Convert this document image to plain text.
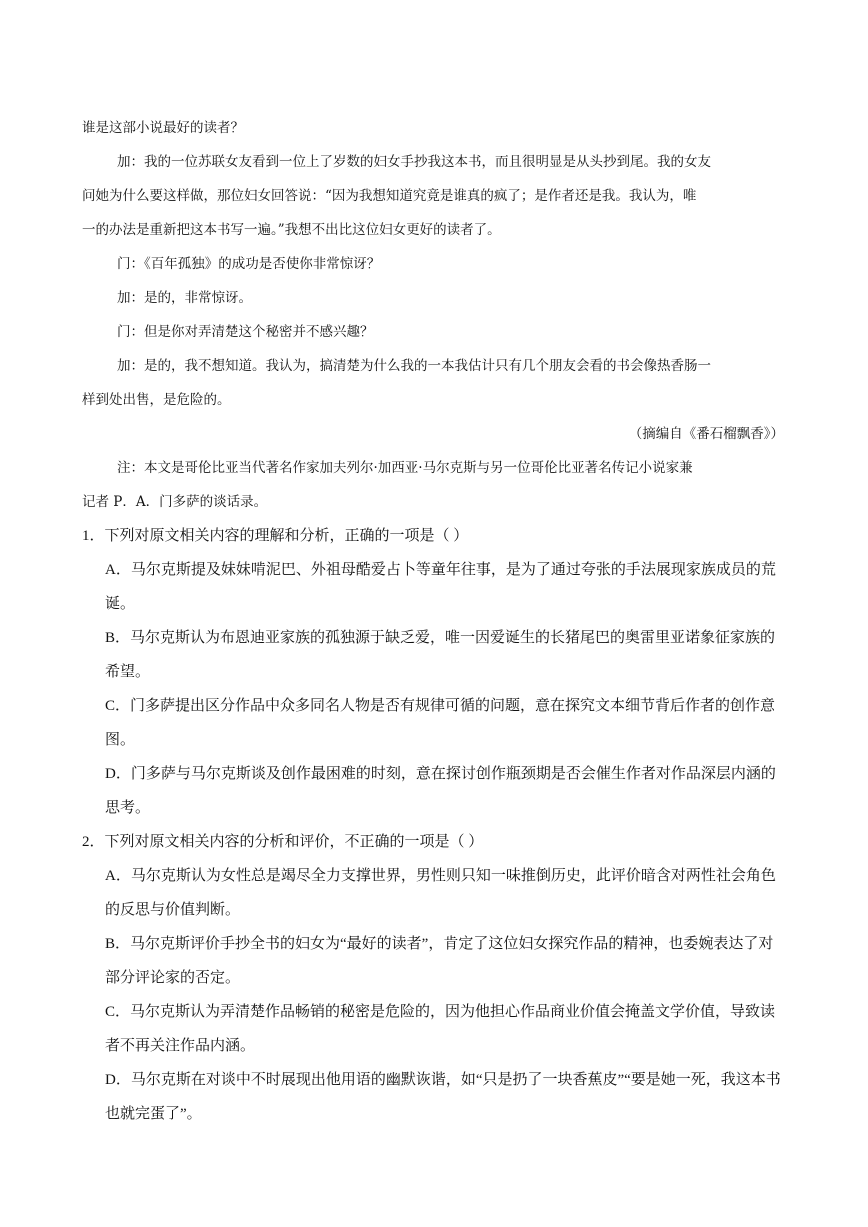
谁是这部小说最好的读者？
加：我的一位苏联女友看到一位上了岁数的妇女手抄我这本书，而且很明显是从头抄到尾。我的女友
问她为什么要这样做，那位妇女回答说：“因为我想知道究竟是谁真的疯了；是作者还是我。我认为，唯
一的办法是重新把这本书写一遍。”我想不出比这位妇女更好的读者了。
门：《百年孤独》的成功是否使你非常惊讶？
加：是的，非常惊讶。
门：但是你对弄清楚这个秘密并不感兴趣？
加：是的，我不想知道。我认为，搞清楚为什么我的一本我估计只有几个朋友会看的书会像热香肠一
样到处出售，是危险的。
（摘编自《番石榴飘香》）
注：本文是哥伦比亚当代著名作家加夫列尔·加西亚·马尔克斯与另一位哥伦比亚著名传记小说家兼
记者 P．A．门多萨的谈话录。
1．下列对原文相关内容的理解和分析，正确的一项是（ ）
A．马尔克斯提及妹妹啃泥巴、外祖母酷爱占卜等童年往事，是为了通过夸张的手法展现家族成员的荒
诞。
B．马尔克斯认为布恩迪亚家族的孤独源于缺乏爱，唯一因爱诞生的长猪尾巴的奥雷里亚诺象征家族的
希望。
C．门多萨提出区分作品中众多同名人物是否有规律可循的问题，意在探究文本细节背后作者的创作意
图。
D．门多萨与马尔克斯谈及创作最困难的时刻，意在探讨创作瓶颈期是否会催生作者对作品深层内涵的
思考。
2．下列对原文相关内容的分析和评价，不正确的一项是（ ）
A．马尔克斯认为女性总是竭尽全力支撑世界，男性则只知一味推倒历史，此评价暗含对两性社会角色
的反思与价值判断。
B．马尔克斯评价手抄全书的妇女为“最好的读者”，肯定了这位妇女探究作品的精神，也委婉表达了对
部分评论家的否定。
C．马尔克斯认为弄清楚作品畅销的秘密是危险的，因为他担心作品商业价值会掩盖文学价值，导致读
者不再关注作品内涵。
D．马尔克斯在对谈中不时展现出他用语的幽默诙谐，如“只是扔了一块香蕉皮”“要是她一死，我这本书
也就完蛋了”。
